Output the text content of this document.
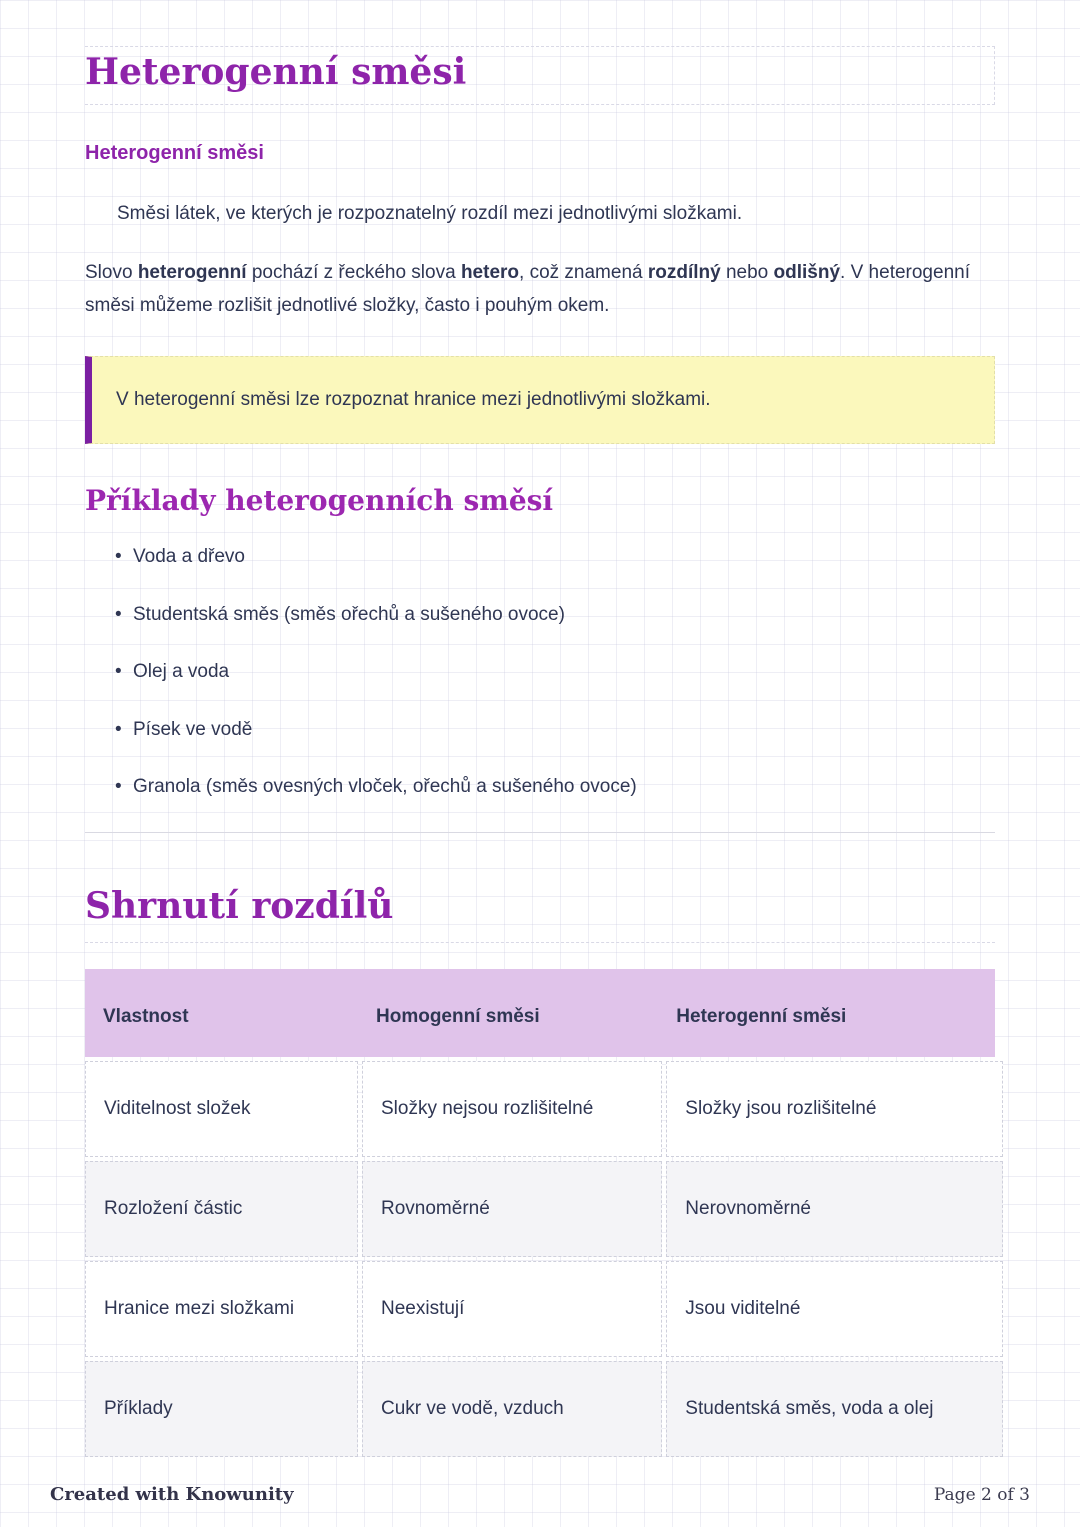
Heterogenní směsi
Heterogenní směsi

Směsi látek, ve kterých je rozpoznatelný rozdíl mezi jednotlivými složkami.

Slovo heterogenní pochází z řeckého slova hetero, což znamená rozdílný nebo odlišný. V heterogenní směsi můžeme rozlišit jednotlivé složky, často i pouhým okem.

V heterogenní směsi lze rozpoznat hranice mezi jednotlivými složkami.

Příklady heterogenních směsí
• Voda a dřevo
• Studentská směs (směs ořechů a sušeného ovoce)
• Olej a voda
• Písek ve vodě
• Granola (směs ovesných vloček, ořechů a sušeného ovoce)
Shrnutí rozdílů
Vlastnost	Homogenní směsi	Heterogenní směsi
Viditelnost složek	Složky nejsou rozlišitelné	Složky jsou rozlišitelné
Rozložení částic	Rovnoměrné	Nerovnoměrné
Hranice mezi složkami	Neexistují	Jsou viditelné
Příklady	Cukr ve vodě, vzduch	Studentská směs, voda a olej
Created with Knowunity	Page 2 of 3
